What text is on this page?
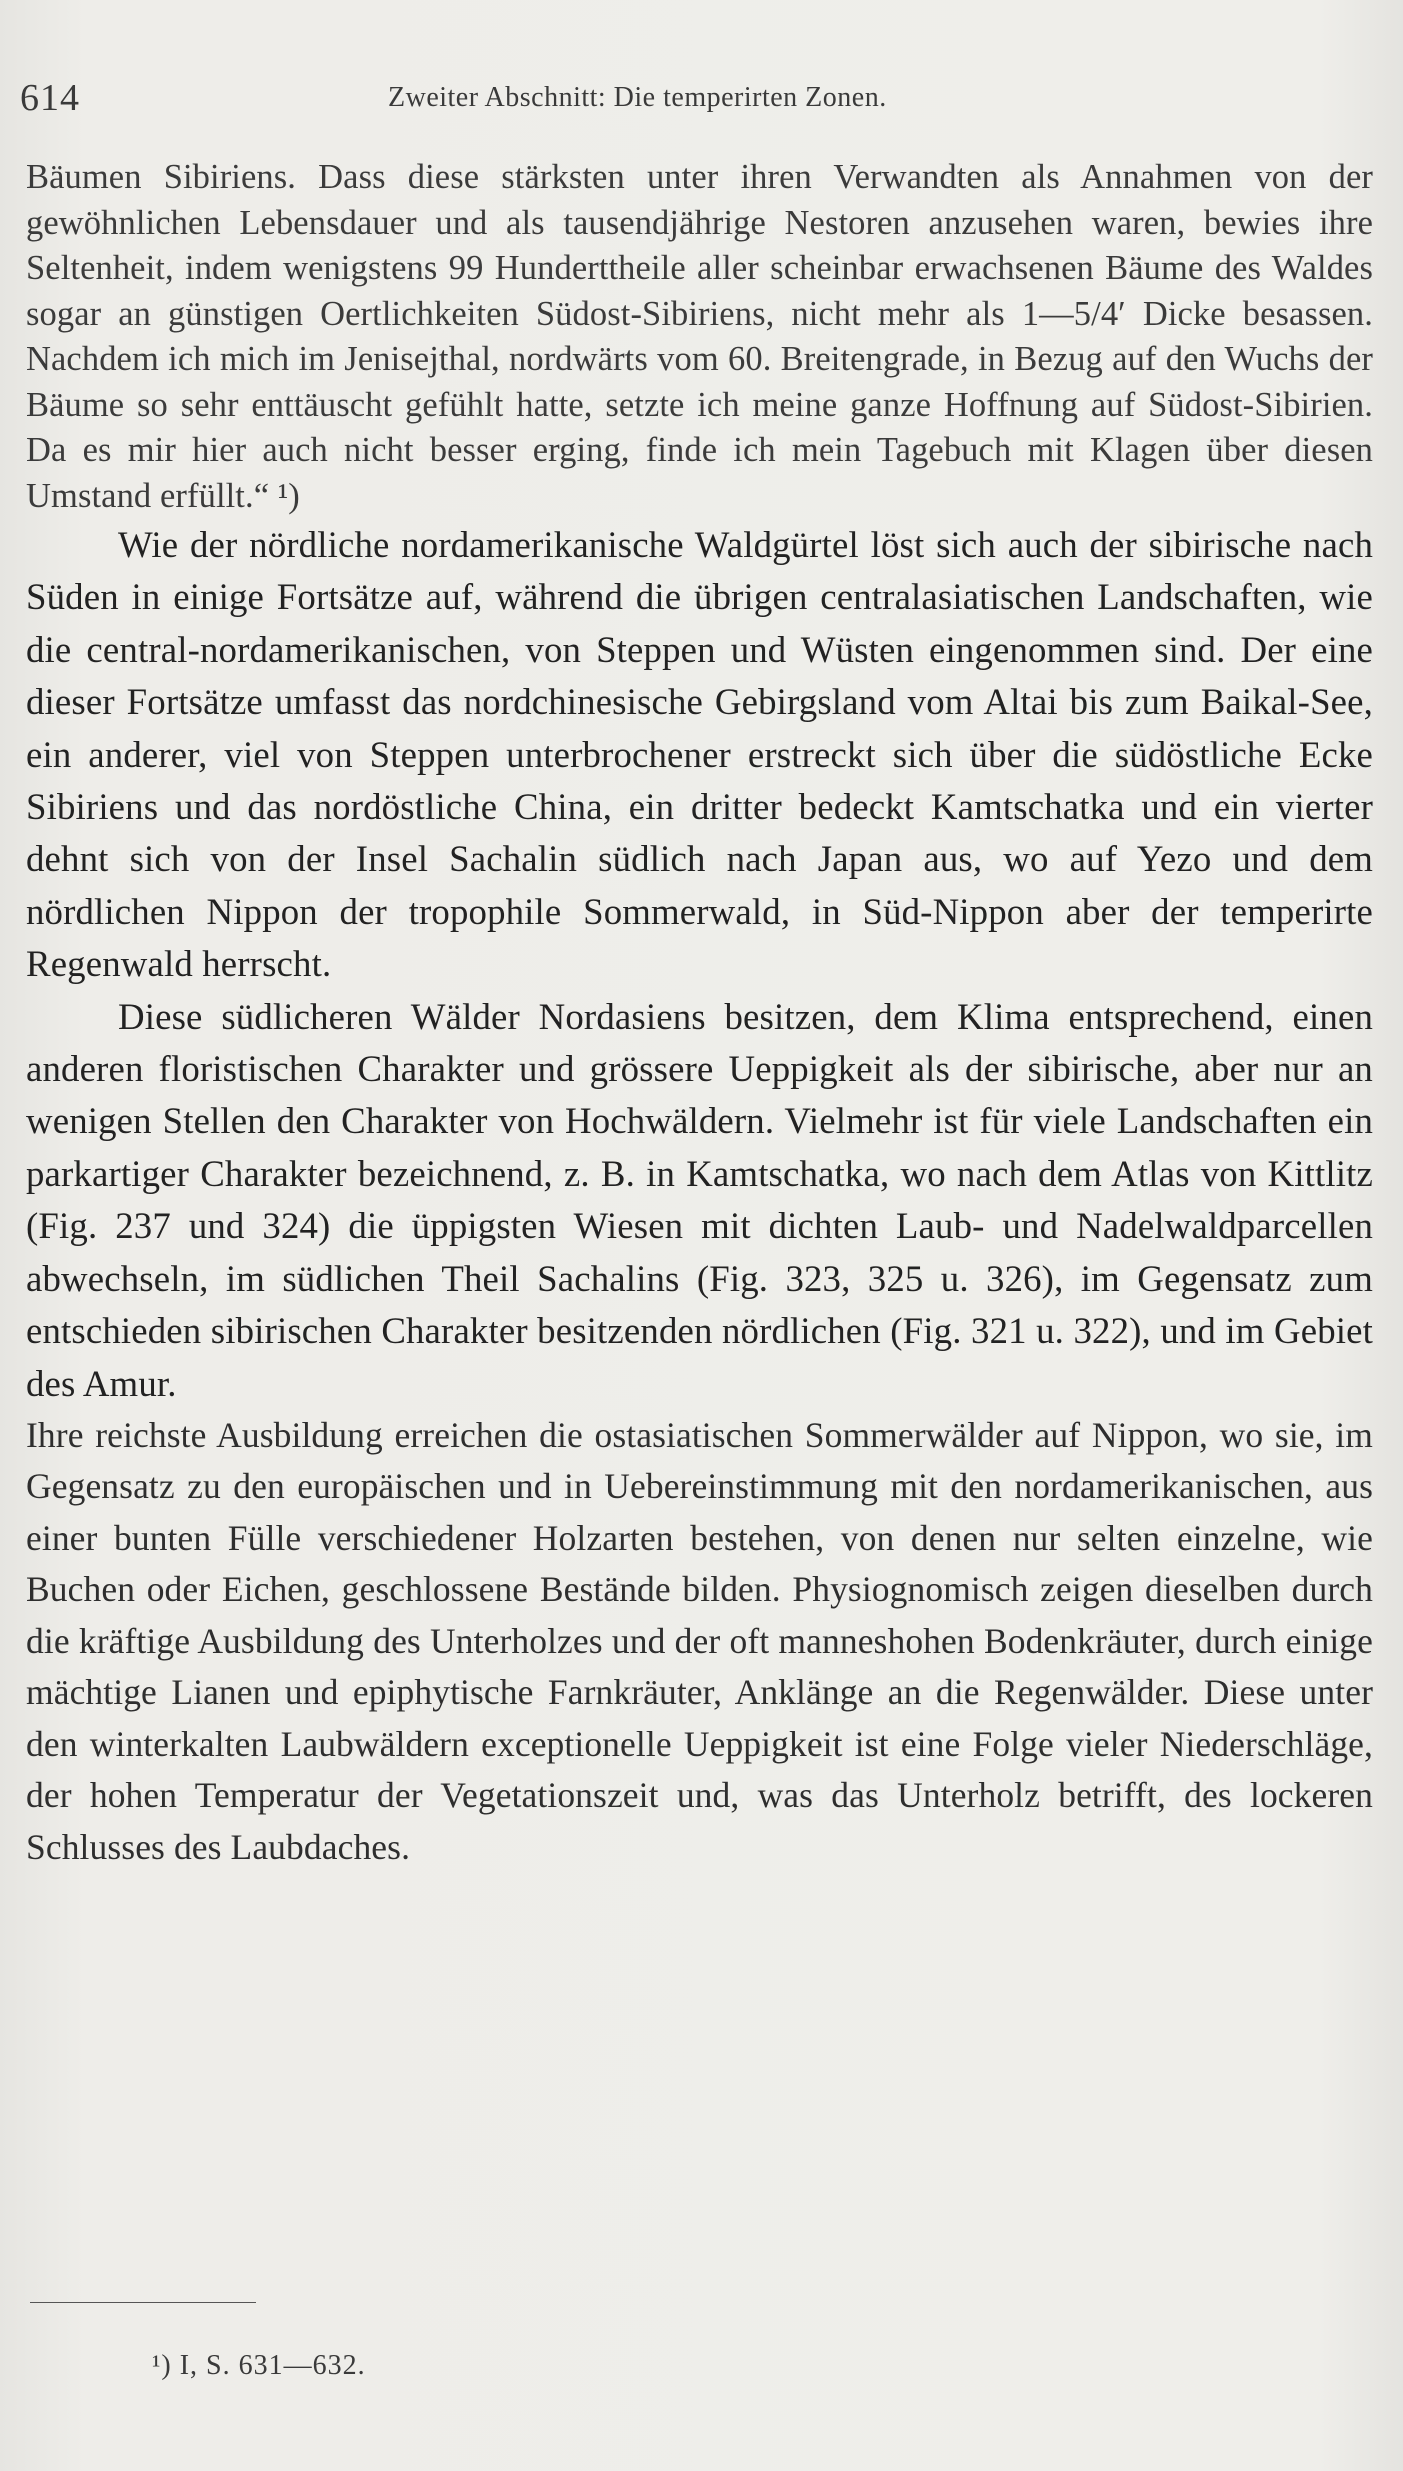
614	Zweiter Abschnitt: Die temperirten Zonen.

Bäumen Sibiriens. Dass diese stärksten unter ihren Verwandten als Annahmen von der gewöhnlichen Lebensdauer und als tausendjährige Nestoren anzusehen waren, bewies ihre Seltenheit, indem wenigstens 99 Hunderttheile aller scheinbar erwachsenen Bäume des Waldes sogar an günstigen Oertlichkeiten Südost-Sibiriens, nicht mehr als 1—5/4′ Dicke besassen. Nachdem ich mich im Jenisejthal, nordwärts vom 60. Breitengrade, in Bezug auf den Wuchs der Bäume so sehr enttäuscht gefühlt hatte, setzte ich meine ganze Hoffnung auf Südost-Sibirien. Da es mir hier auch nicht besser erging, finde ich mein Tagebuch mit Klagen über diesen Umstand erfüllt.“ ¹)

Wie der nördliche nordamerikanische Waldgürtel löst sich auch der sibirische nach Süden in einige Fortsätze auf, während die übrigen centralasiatischen Landschaften, wie die central-nordamerikanischen, von Steppen und Wüsten eingenommen sind. Der eine dieser Fortsätze umfasst das nordchinesische Gebirgsland vom Altai bis zum Baikal-See, ein anderer, viel von Steppen unterbrochener erstreckt sich über die südöstliche Ecke Sibiriens und das nordöstliche China, ein dritter bedeckt Kamtschatka und ein vierter dehnt sich von der Insel Sachalin südlich nach Japan aus, wo auf Yezo und dem nördlichen Nippon der tropophile Sommerwald, in Süd-Nippon aber der temperirte Regenwald herrscht.

Diese südlicheren Wälder Nordasiens besitzen, dem Klima entsprechend, einen anderen floristischen Charakter und grössere Ueppigkeit als der sibirische, aber nur an wenigen Stellen den Charakter von Hochwäldern. Vielmehr ist für viele Landschaften ein parkartiger Charakter bezeichnend, z. B. in Kamtschatka, wo nach dem Atlas von Kittlitz (Fig. 237 und 324) die üppigsten Wiesen mit dichten Laub- und Nadelwaldparcellen abwechseln, im südlichen Theil Sachalins (Fig. 323, 325 u. 326), im Gegensatz zum entschieden sibirischen Charakter besitzenden nördlichen (Fig. 321 u. 322), und im Gebiet des Amur.

Ihre reichste Ausbildung erreichen die ostasiatischen Sommerwälder auf Nippon, wo sie, im Gegensatz zu den europäischen und in Uebereinstimmung mit den nordamerikanischen, aus einer bunten Fülle verschiedener Holzarten bestehen, von denen nur selten einzelne, wie Buchen oder Eichen, geschlossene Bestände bilden. Physiognomisch zeigen dieselben durch die kräftige Ausbildung des Unterholzes und der oft manneshohen Bodenkräuter, durch einige mächtige Lianen und epiphytische Farnkräuter, Anklänge an die Regenwälder. Diese unter den winterkalten Laubwäldern exceptionelle Ueppigkeit ist eine Folge vieler Niederschläge, der hohen Temperatur der Vegetationszeit und, was das Unterholz betrifft, des lockeren Schlusses des Laubdaches.

¹) I, S. 631—632.
